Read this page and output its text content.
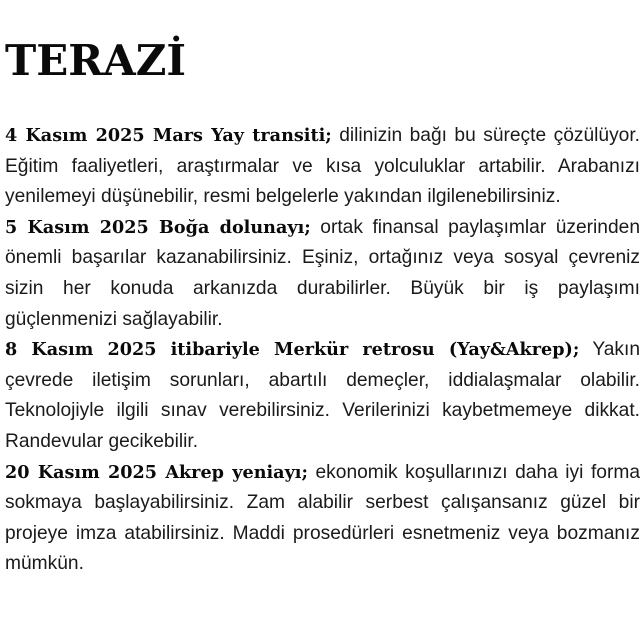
TERAZİ

4 Kasım 2025 Mars Yay transiti; dilinizin bağı bu süreçte çözülüyor. Eğitim faaliyetleri, araştırmalar ve kısa yolculuklar artabilir. Arabanızı yenilemeyi düşünebilir, resmi belgelerle yakından ilgilenebilirsiniz.

5 Kasım 2025 Boğa dolunayı; ortak finansal paylaşımlar üzerinden önemli başarılar kazanabilirsiniz. Eşiniz, ortağınız veya sosyal çevreniz sizin her konuda arkanızda durabilirler. Büyük bir iş paylaşımı güçlenmenizi sağlayabilir.

8 Kasım 2025 itibariyle Merkür retrosu (Yay&Akrep); Yakın çevrede iletişim sorunları, abartılı demeçler, iddialaşmalar olabilir. Teknolojiyle ilgili sınav verebilirsiniz. Verilerinizi kaybetmemeye dikkat. Randevular gecikebilir.

20 Kasım 2025 Akrep yeniayı; ekonomik koşullarınızı daha iyi forma sokmaya başlayabilirsiniz. Zam alabilir serbest çalışansanız güzel bir projeye imza atabilirsiniz. Maddi prosedürleri esnetmeniz veya bozmanız mümkün.
